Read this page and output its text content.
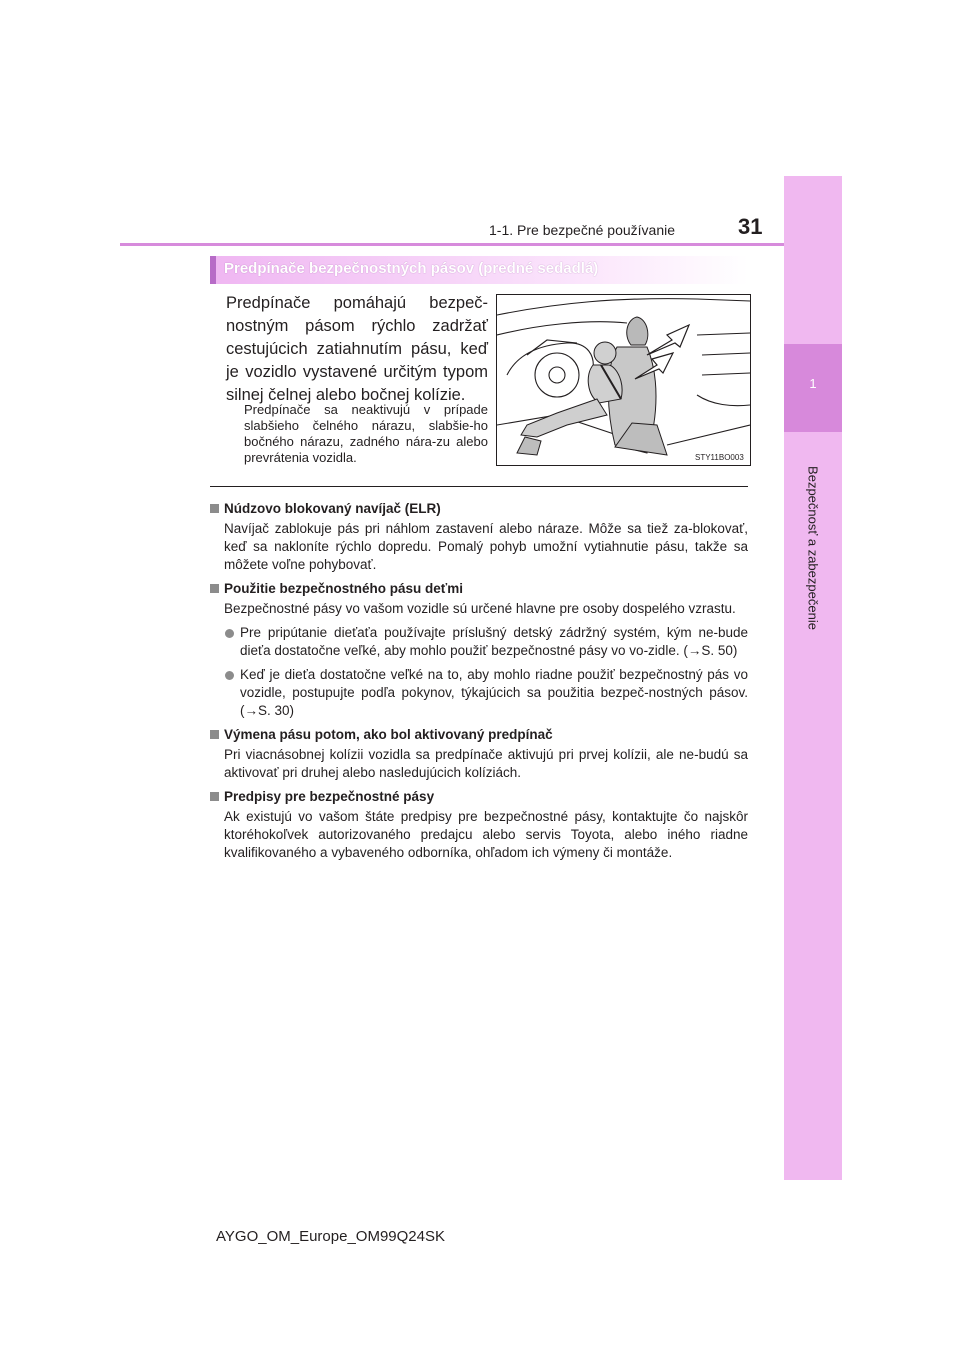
1
Bezpečnosť a zabezpečenie
1-1. Pre bezpečné používanie	31
Predpínače bezpečnostných pásov (predné sedadlá)
Predpínače pomáhajú bezpeč-nostným pásom rýchlo zadržať cestujúcich zatiahnutím pásu, keď je vozidlo vystavené určitým typom silnej čelnej alebo bočnej kolízie.
Predpínače sa neaktivujú v prípade slabšieho čelného nárazu, slabšie-ho bočného nárazu, zadného nára-zu alebo prevrátenia vozidla.	STY11BO003
Núdzovo blokovaný navíjač (ELR)
Navíjač zablokuje pás pri náhlom zastavení alebo náraze. Môže sa tiež za-blokovať, keď sa nakloníte rýchlo dopredu. Pomalý pohyb umožní vytiahnutie pásu, takže sa môžete voľne pohybovať.
Použitie bezpečnostného pásu deťmi
Bezpečnostné pásy vo vašom vozidle sú určené hlavne pre osoby dospelého vzrastu.
Pre pripútanie dieťaťa používajte príslušný detský zádržný systém, kým ne-bude dieťa dostatočne veľké, aby mohlo použiť bezpečnostné pásy vo vo-zidle. (→S. 50)
Keď je dieťa dostatočne veľké na to, aby mohlo riadne použiť bezpečnostný pás vo vozidle, postupujte podľa pokynov, týkajúcich sa použitia bezpeč-nostných pásov. (→S. 30)
Výmena pásu potom, ako bol aktivovaný predpínač
Pri viacnásobnej kolízii vozidla sa predpínače aktivujú pri prvej kolízii, ale ne-budú sa aktivovať pri druhej alebo nasledujúcich kolíziách.
Predpisy pre bezpečnostné pásy
Ak existujú vo vašom štáte predpisy pre bezpečnostné pásy, kontaktujte čo najskôr ktoréhokoľvek autorizovaného predajcu alebo servis Toyota, alebo iného riadne kvalifikovaného a vybaveného odborníka, ohľadom ich výmeny či montáže.
AYGO_OM_Europe_OM99Q24SK
